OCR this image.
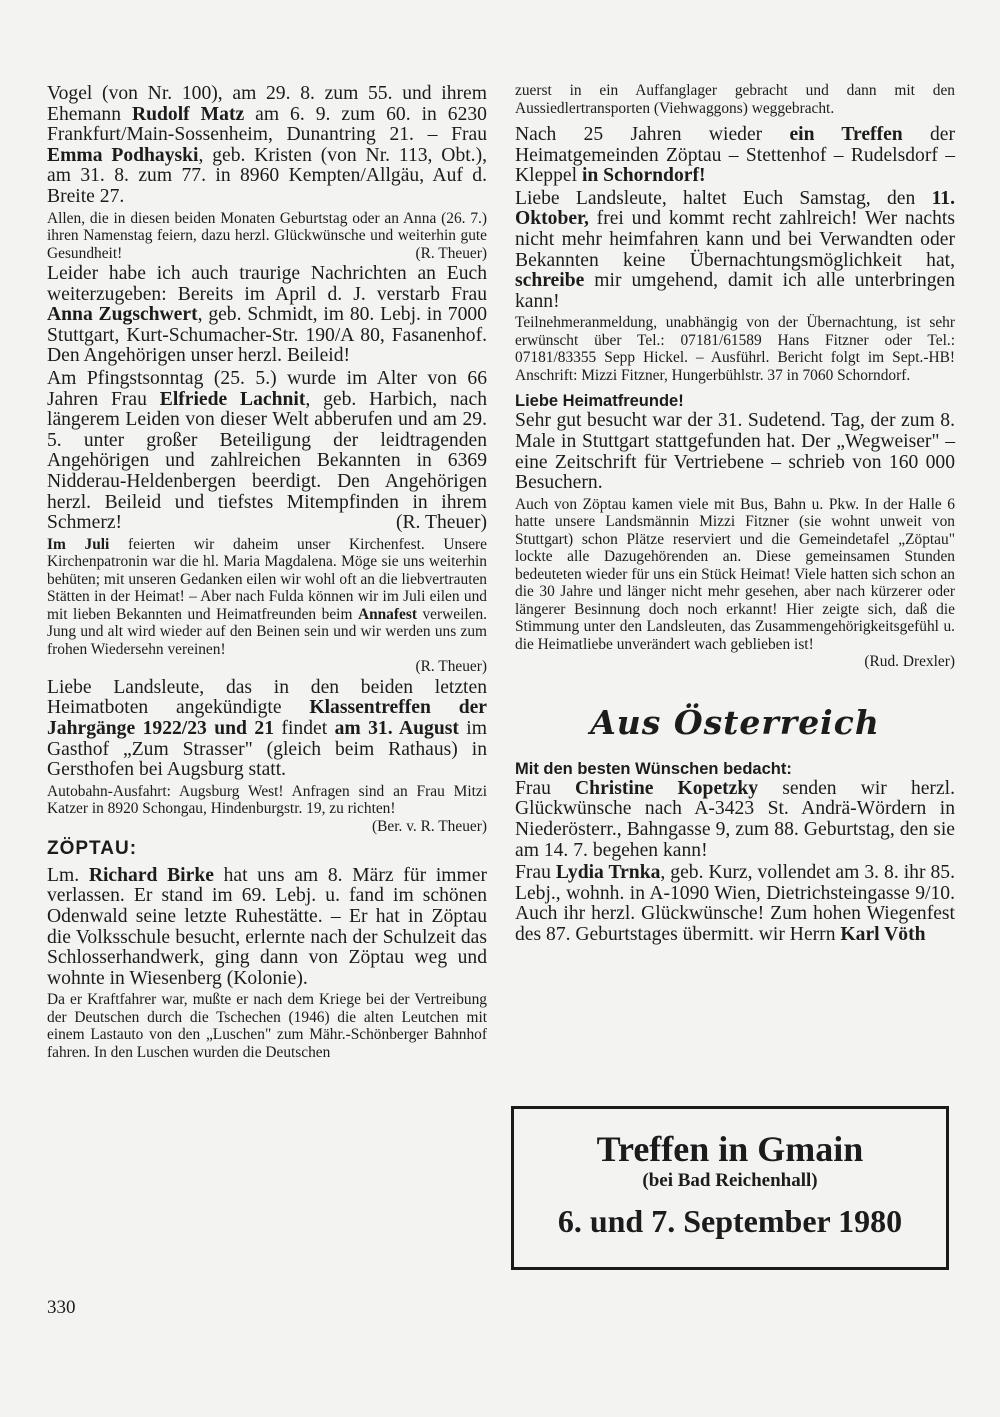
Vogel (von Nr. 100), am 29. 8. zum 55. und ihrem Ehemann Rudolf Matz am 6. 9. zum 60. in 6230 Frankfurt/Main-Sossenheim, Dunantring 21. – Frau Emma Podhayski, geb. Kristen (von Nr. 113, Obt.), am 31. 8. zum 77. in 8960 Kempten/Allgäu, Auf d. Breite 27.

Allen, die in diesen beiden Monaten Geburtstag oder an Anna (26. 7.) ihren Namenstag feiern, dazu herzl. Glückwünsche und weiterhin gute Gesundheit!	(R. Theuer)

Leider habe ich auch traurige Nachrichten an Euch weiterzugeben: Bereits im April d. J. verstarb Frau Anna Zugschwert, geb. Schmidt, im 80. Lebj. in 7000 Stuttgart, Kurt-Schumacher-Str. 190/A 80, Fasanenhof. Den Angehörigen unser herzl. Beileid!

Am Pfingstsonntag (25. 5.) wurde im Alter von 66 Jahren Frau Elfriede Lachnit, geb. Harbich, nach längerem Leiden von dieser Welt abberufen und am 29. 5. unter großer Beteiligung der leidtragenden Angehörigen und zahlreichen Bekannten in 6369 Nidderau-Heldenbergen beerdigt. Den Angehörigen herzl. Beileid und tiefstes Mitempfinden in ihrem Schmerz!	(R. Theuer)

Im Juli feierten wir daheim unser Kirchenfest. Unsere Kirchenpatronin war die hl. Maria Magdalena. Möge sie uns weiterhin behüten; mit unseren Gedanken eilen wir wohl oft an die liebvertrauten Stätten in der Heimat! – Aber nach Fulda können wir im Juli eilen und mit lieben Bekannten und Heimatfreunden beim Annafest verweilen. Jung und alt wird wieder auf den Beinen sein und wir werden uns zum frohen Wiedersehn vereinen!
(R. Theuer)

Liebe Landsleute, das in den beiden letzten Heimatboten angekündigte Klassentreffen der Jahrgänge 1922/23 und 21 findet am 31. August im Gasthof „Zum Strasser" (gleich beim Rathaus) in Gersthofen bei Augsburg statt.

Autobahn-Ausfahrt: Augsburg West! Anfragen sind an Frau Mitzi Katzer in 8920 Schongau, Hindenburgstr. 19, zu richten!
(Ber. v. R. Theuer)

ZÖPTAU:

Lm. Richard Birke hat uns am 8. März für immer verlassen. Er stand im 69. Lebj. u. fand im schönen Odenwald seine letzte Ruhestätte. – Er hat in Zöptau die Volksschule besucht, erlernte nach der Schulzeit das Schlosserhandwerk, ging dann von Zöptau weg und wohnte in Wiesenberg (Kolonie).

Da er Kraftfahrer war, mußte er nach dem Kriege bei der Vertreibung der Deutschen durch die Tschechen (1946) die alten Leutchen mit einem Lastauto von den „Luschen" zum Mähr.-Schönberger Bahnhof fahren. In den Luschen wurden die Deutschen

zuerst in ein Auffanglager gebracht und dann mit den Aussiedlertransporten (Viehwaggons) weggebracht.

Nach 25 Jahren wieder ein Treffen der Heimatgemeinden Zöptau – Stettenhof – Rudelsdorf – Kleppel in Schorndorf!

Liebe Landsleute, haltet Euch Samstag, den 11. Oktober, frei und kommt recht zahlreich! Wer nachts nicht mehr heimfahren kann und bei Verwandten oder Bekannten keine Übernachtungsmöglichkeit hat, schreibe mir umgehend, damit ich alle unterbringen kann!

Teilnehmeranmeldung, unabhängig von der Übernachtung, ist sehr erwünscht über Tel.: 07181/61589 Hans Fitzner oder Tel.: 07181/83355 Sepp Hickel. – Ausführl. Bericht folgt im Sept.-HB! Anschrift: Mizzi Fitzner, Hungerbühlstr. 37 in 7060 Schorndorf.

Liebe Heimatfreunde!

Sehr gut besucht war der 31. Sudetend. Tag, der zum 8. Male in Stuttgart stattgefunden hat. Der „Wegweiser" – eine Zeitschrift für Vertriebene – schrieb von 160 000 Besuchern.

Auch von Zöptau kamen viele mit Bus, Bahn u. Pkw. In der Halle 6 hatte unsere Landsmännin Mizzi Fitzner (sie wohnt unweit von Stuttgart) schon Plätze reserviert und die Gemeindetafel „Zöptau" lockte alle Dazugehörenden an. Diese gemeinsamen Stunden bedeuteten wieder für uns ein Stück Heimat! Viele hatten sich schon an die 30 Jahre und länger nicht mehr gesehen, aber nach kürzerer oder längerer Besinnung doch noch erkannt! Hier zeigte sich, daß die Stimmung unter den Landsleuten, das Zusammengehörigkeitsgefühl u. die Heimatliebe unverändert wach geblieben ist!
(Rud. Drexler)

Aus Österreich

Mit den besten Wünschen bedacht:

Frau Christine Kopetzky senden wir herzl. Glückwünsche nach A-3423 St. Andrä-Wördern in Niederösterr., Bahngasse 9, zum 88. Geburtstag, den sie am 14. 7. begehen kann!

Frau Lydia Trnka, geb. Kurz, vollendet am 3. 8. ihr 85. Lebj., wohnh. in A-1090 Wien, Dietrichsteingasse 9/10. Auch ihr herzl. Glückwünsche! Zum hohen Wiegenfest des 87. Geburtstages übermitt. wir Herrn Karl Vöth

Treffen in Gmain
(bei Bad Reichenhall)
6. und 7. September 1980
330
